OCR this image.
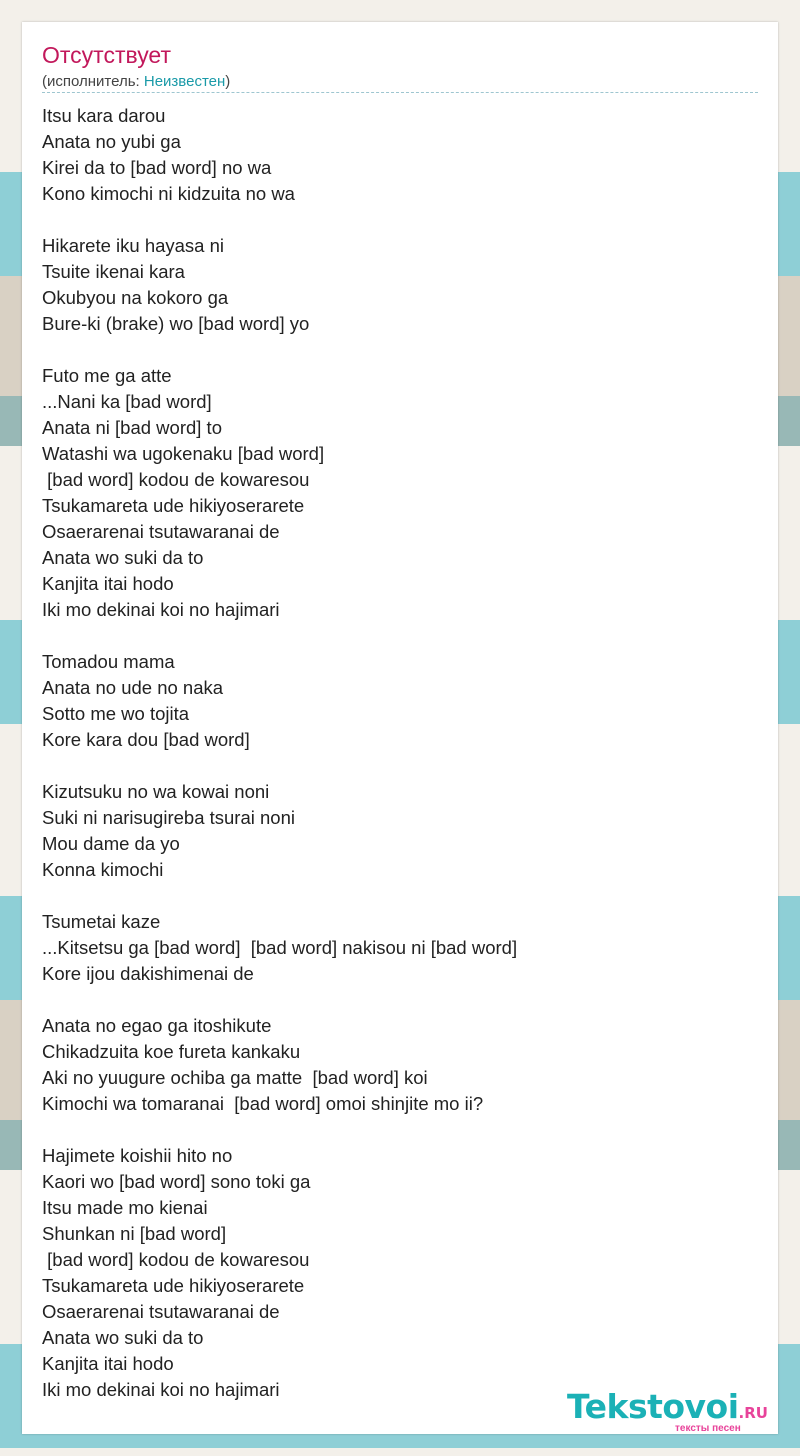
Отсутствует
(исполнитель: Неизвестен)
Itsu kara darou
Anata no yubi ga
Kirei da to [bad word] no wa
Kono kimochi ni kidzuita no wa
Hikarete iku hayasa ni
Tsuite ikenai kara
Okubyou na kokoro ga
Bure-ki (brake) wo [bad word] yo
Futo me ga atte
...Nani ka [bad word]
Anata ni [bad word] to
Watashi wa ugokenaku [bad word]
[bad word] kodou de kowaresou
Tsukamareta ude hikiyoserarete
Osaerarenai tsutawaranai de
Anata wo suki da to
Kanjita itai hodo
Iki mo dekinai koi no hajimari
Tomadou mama
Anata no ude no naka
Sotto me wo tojita
Kore kara dou [bad word]
Kizutsuku no wa kowai noni
Suki ni narisugireba tsurai noni
Mou dame da yo
Konna kimochi
Tsumetai kaze
...Kitsetsu ga [bad word]  [bad word] nakisou ni [bad word]
Kore ijou dakishimenai de
Anata no egao ga itoshikute
Chikadzuita koe fureta kankaku
Aki no yuugure ochiba ga matte  [bad word] koi
Kimochi wa tomaranai  [bad word] omoi shinjite mo ii?
Hajimete koishii hito no
Kaori wo [bad word] sono toki ga
Itsu made mo kienai
Shunkan ni [bad word]
[bad word] kodou de kowaresou
Tsukamareta ude hikiyoserarete
Osaerarenai tsutawaranai de
Anata wo suki da to
Kanjita itai hodo
Iki mo dekinai koi no hajimari	Tekstovoi.RU
тексты песен
